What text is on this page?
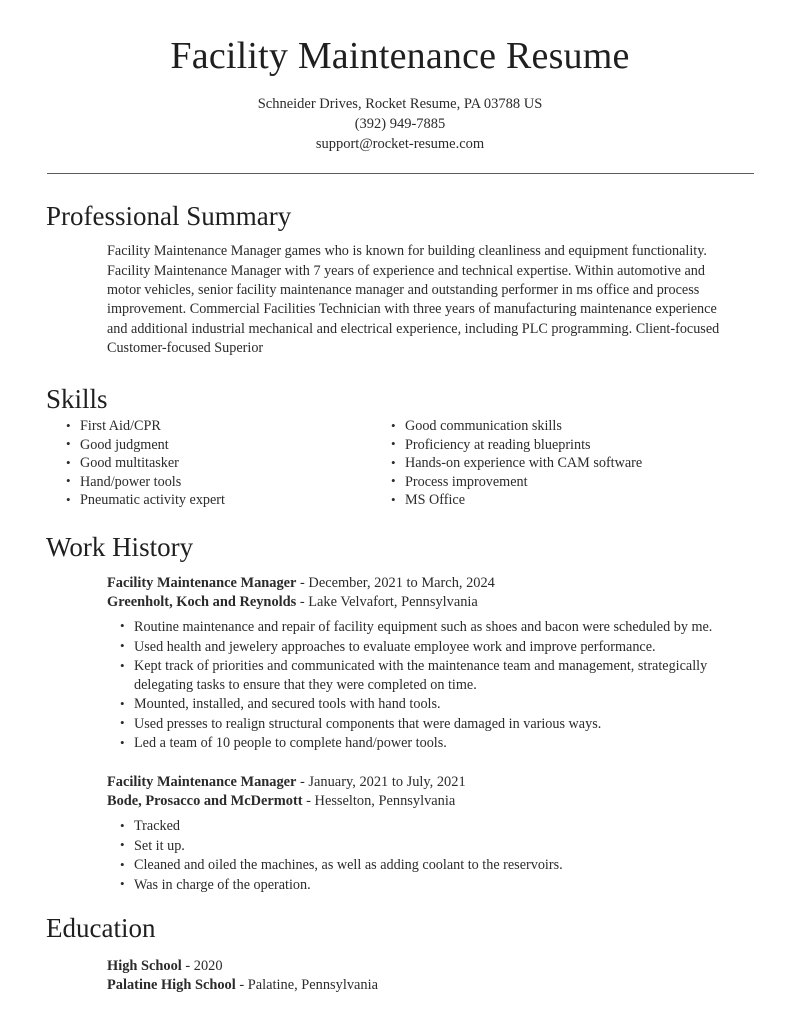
Facility Maintenance Resume

Schneider Drives, Rocket Resume, PA 03788 US

(392) 949-7885

support@rocket-resume.com

Professional Summary

Facility Maintenance Manager games who is known for building cleanliness and equipment functionality. Facility Maintenance Manager with 7 years of experience and technical expertise. Within automotive and motor vehicles, senior facility maintenance manager and outstanding performer in ms office and process improvement. Commercial Facilities Technician with three years of manufacturing maintenance experience and additional industrial mechanical and electrical experience, including PLC programming. Client-focused Customer-focused Superior

Skills
• First Aid/CPR
• Good judgment
• Good multitasker
• Hand/power tools
• Pneumatic activity expert
• Good communication skills
• Proficiency at reading blueprints
• Hands-on experience with CAM software
• Process improvement
• MS Office
Work History
Facility Maintenance Manager - December, 2021 to March, 2024
Greenholt, Koch and Reynolds - Lake Velvafort, Pennsylvania
• Routine maintenance and repair of facility equipment such as shoes and bacon were scheduled by me.
• Used health and jewelery approaches to evaluate employee work and improve performance.
• Kept track of priorities and communicated with the maintenance team and management, strategically delegating tasks to ensure that they were completed on time.
• Mounted, installed, and secured tools with hand tools.
• Used presses to realign structural components that were damaged in various ways.
• Led a team of 10 people to complete hand/power tools.
Facility Maintenance Manager - January, 2021 to July, 2021
Bode, Prosacco and McDermott - Hesselton, Pennsylvania
• Tracked
• Set it up.
• Cleaned and oiled the machines, as well as adding coolant to the reservoirs.
• Was in charge of the operation.
Education
High School - 2020
Palatine High School - Palatine, Pennsylvania
